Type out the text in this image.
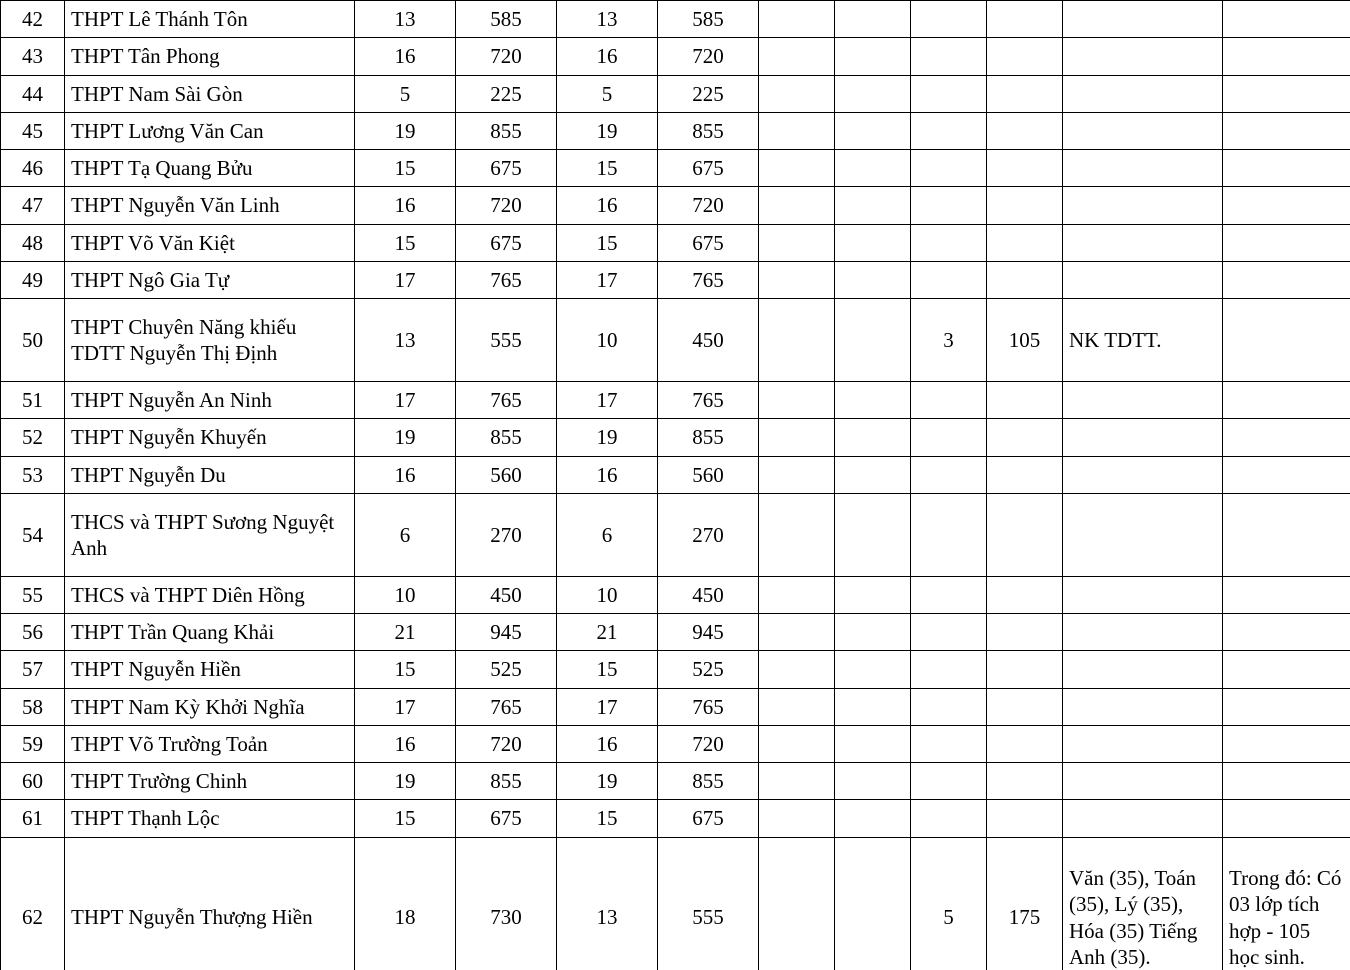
42	THPT Lê Thánh Tôn	13	585	13	585						
43	THPT Tân Phong	16	720	16	720						
44	THPT Nam Sài Gòn	5	225	5	225						
45	THPT Lương Văn Can	19	855	19	855						
46	THPT Tạ Quang Bửu	15	675	15	675						
47	THPT Nguyễn Văn Linh	16	720	16	720						
48	THPT Võ Văn Kiệt	15	675	15	675						
49	THPT Ngô Gia Tự	17	765	17	765						
50	THPT Chuyên Năng khiếu TDTT Nguyễn Thị Định	13	555	10	450			3	105	NK TDTT.	
51	THPT Nguyễn An Ninh	17	765	17	765						
52	THPT Nguyễn Khuyến	19	855	19	855						
53	THPT Nguyễn Du	16	560	16	560						
54	THCS và THPT Sương Nguyệt Anh	6	270	6	270						
55	THCS và THPT Diên Hồng	10	450	10	450						
56	THPT Trần Quang Khải	21	945	21	945						
57	THPT Nguyễn Hiền	15	525	15	525						
58	THPT Nam Kỳ Khởi Nghĩa	17	765	17	765						
59	THPT Võ Trường Toản	16	720	16	720						
60	THPT Trường Chinh	19	855	19	855						
61	THPT Thạnh Lộc	15	675	15	675						
62	THPT Nguyễn Thượng Hiền	18	730	13	555			5	175	Văn (35), Toán (35), Lý (35), Hóa (35) Tiếng Anh (35).	Trong đó: Có 03 lớp tích hợp - 105 học sinh.
